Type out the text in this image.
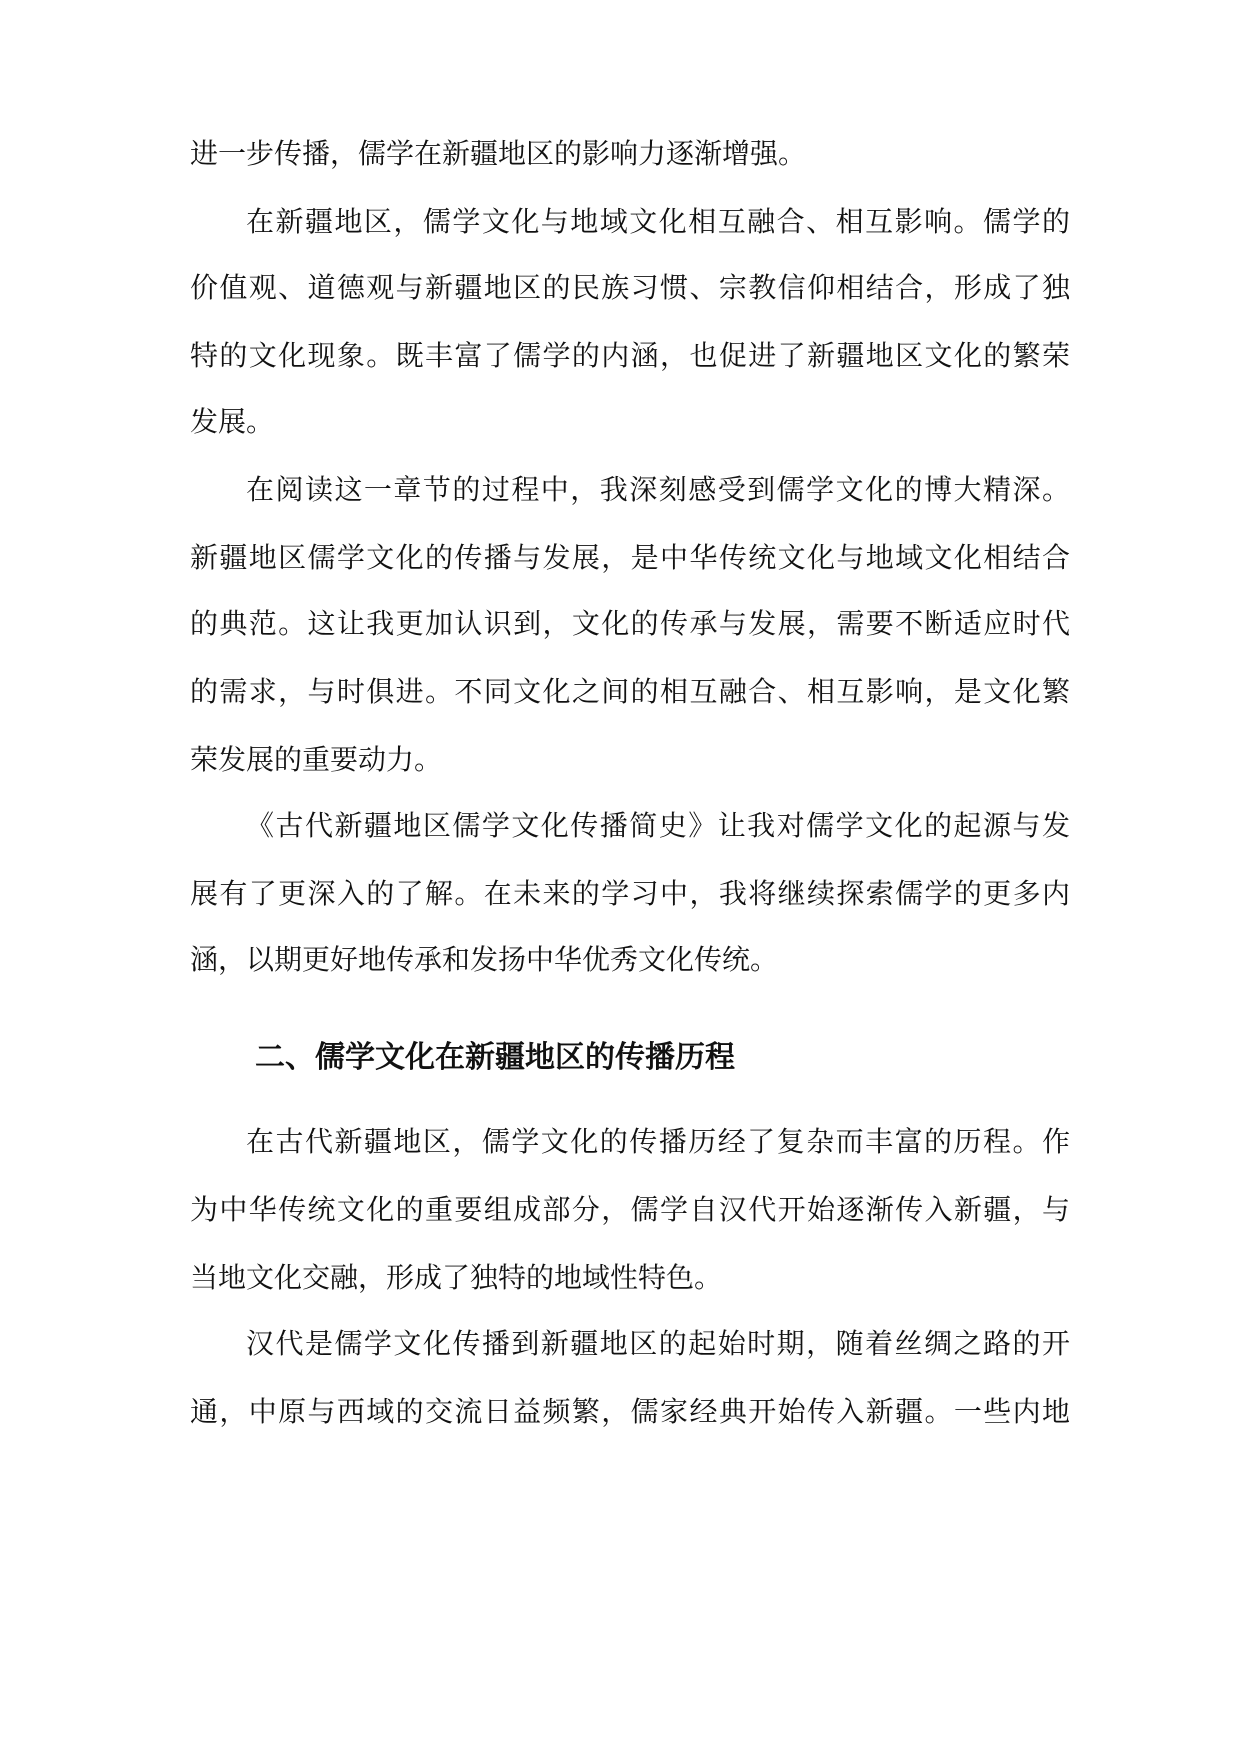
进一步传播，儒学在新疆地区的影响力逐渐增强。
在新疆地区，儒学文化与地域文化相互融合、相互影响。儒学的
价值观、道德观与新疆地区的民族习惯、宗教信仰相结合，形成了独
特的文化现象。既丰富了儒学的内涵，也促进了新疆地区文化的繁荣
发展。
在阅读这一章节的过程中，我深刻感受到儒学文化的博大精深。
新疆地区儒学文化的传播与发展，是中华传统文化与地域文化相结合
的典范。这让我更加认识到，文化的传承与发展，需要不断适应时代
的需求，与时俱进。不同文化之间的相互融合、相互影响，是文化繁
荣发展的重要动力。
《古代新疆地区儒学文化传播简史》让我对儒学文化的起源与发
展有了更深入的了解。在未来的学习中，我将继续探索儒学的更多内
涵，以期更好地传承和发扬中华优秀文化传统。
二、儒学文化在新疆地区的传播历程
在古代新疆地区，儒学文化的传播历经了复杂而丰富的历程。作
为中华传统文化的重要组成部分，儒学自汉代开始逐渐传入新疆，与
当地文化交融，形成了独特的地域性特色。
汉代是儒学文化传播到新疆地区的起始时期，随着丝绸之路的开
通，中原与西域的交流日益频繁，儒家经典开始传入新疆。一些内地
